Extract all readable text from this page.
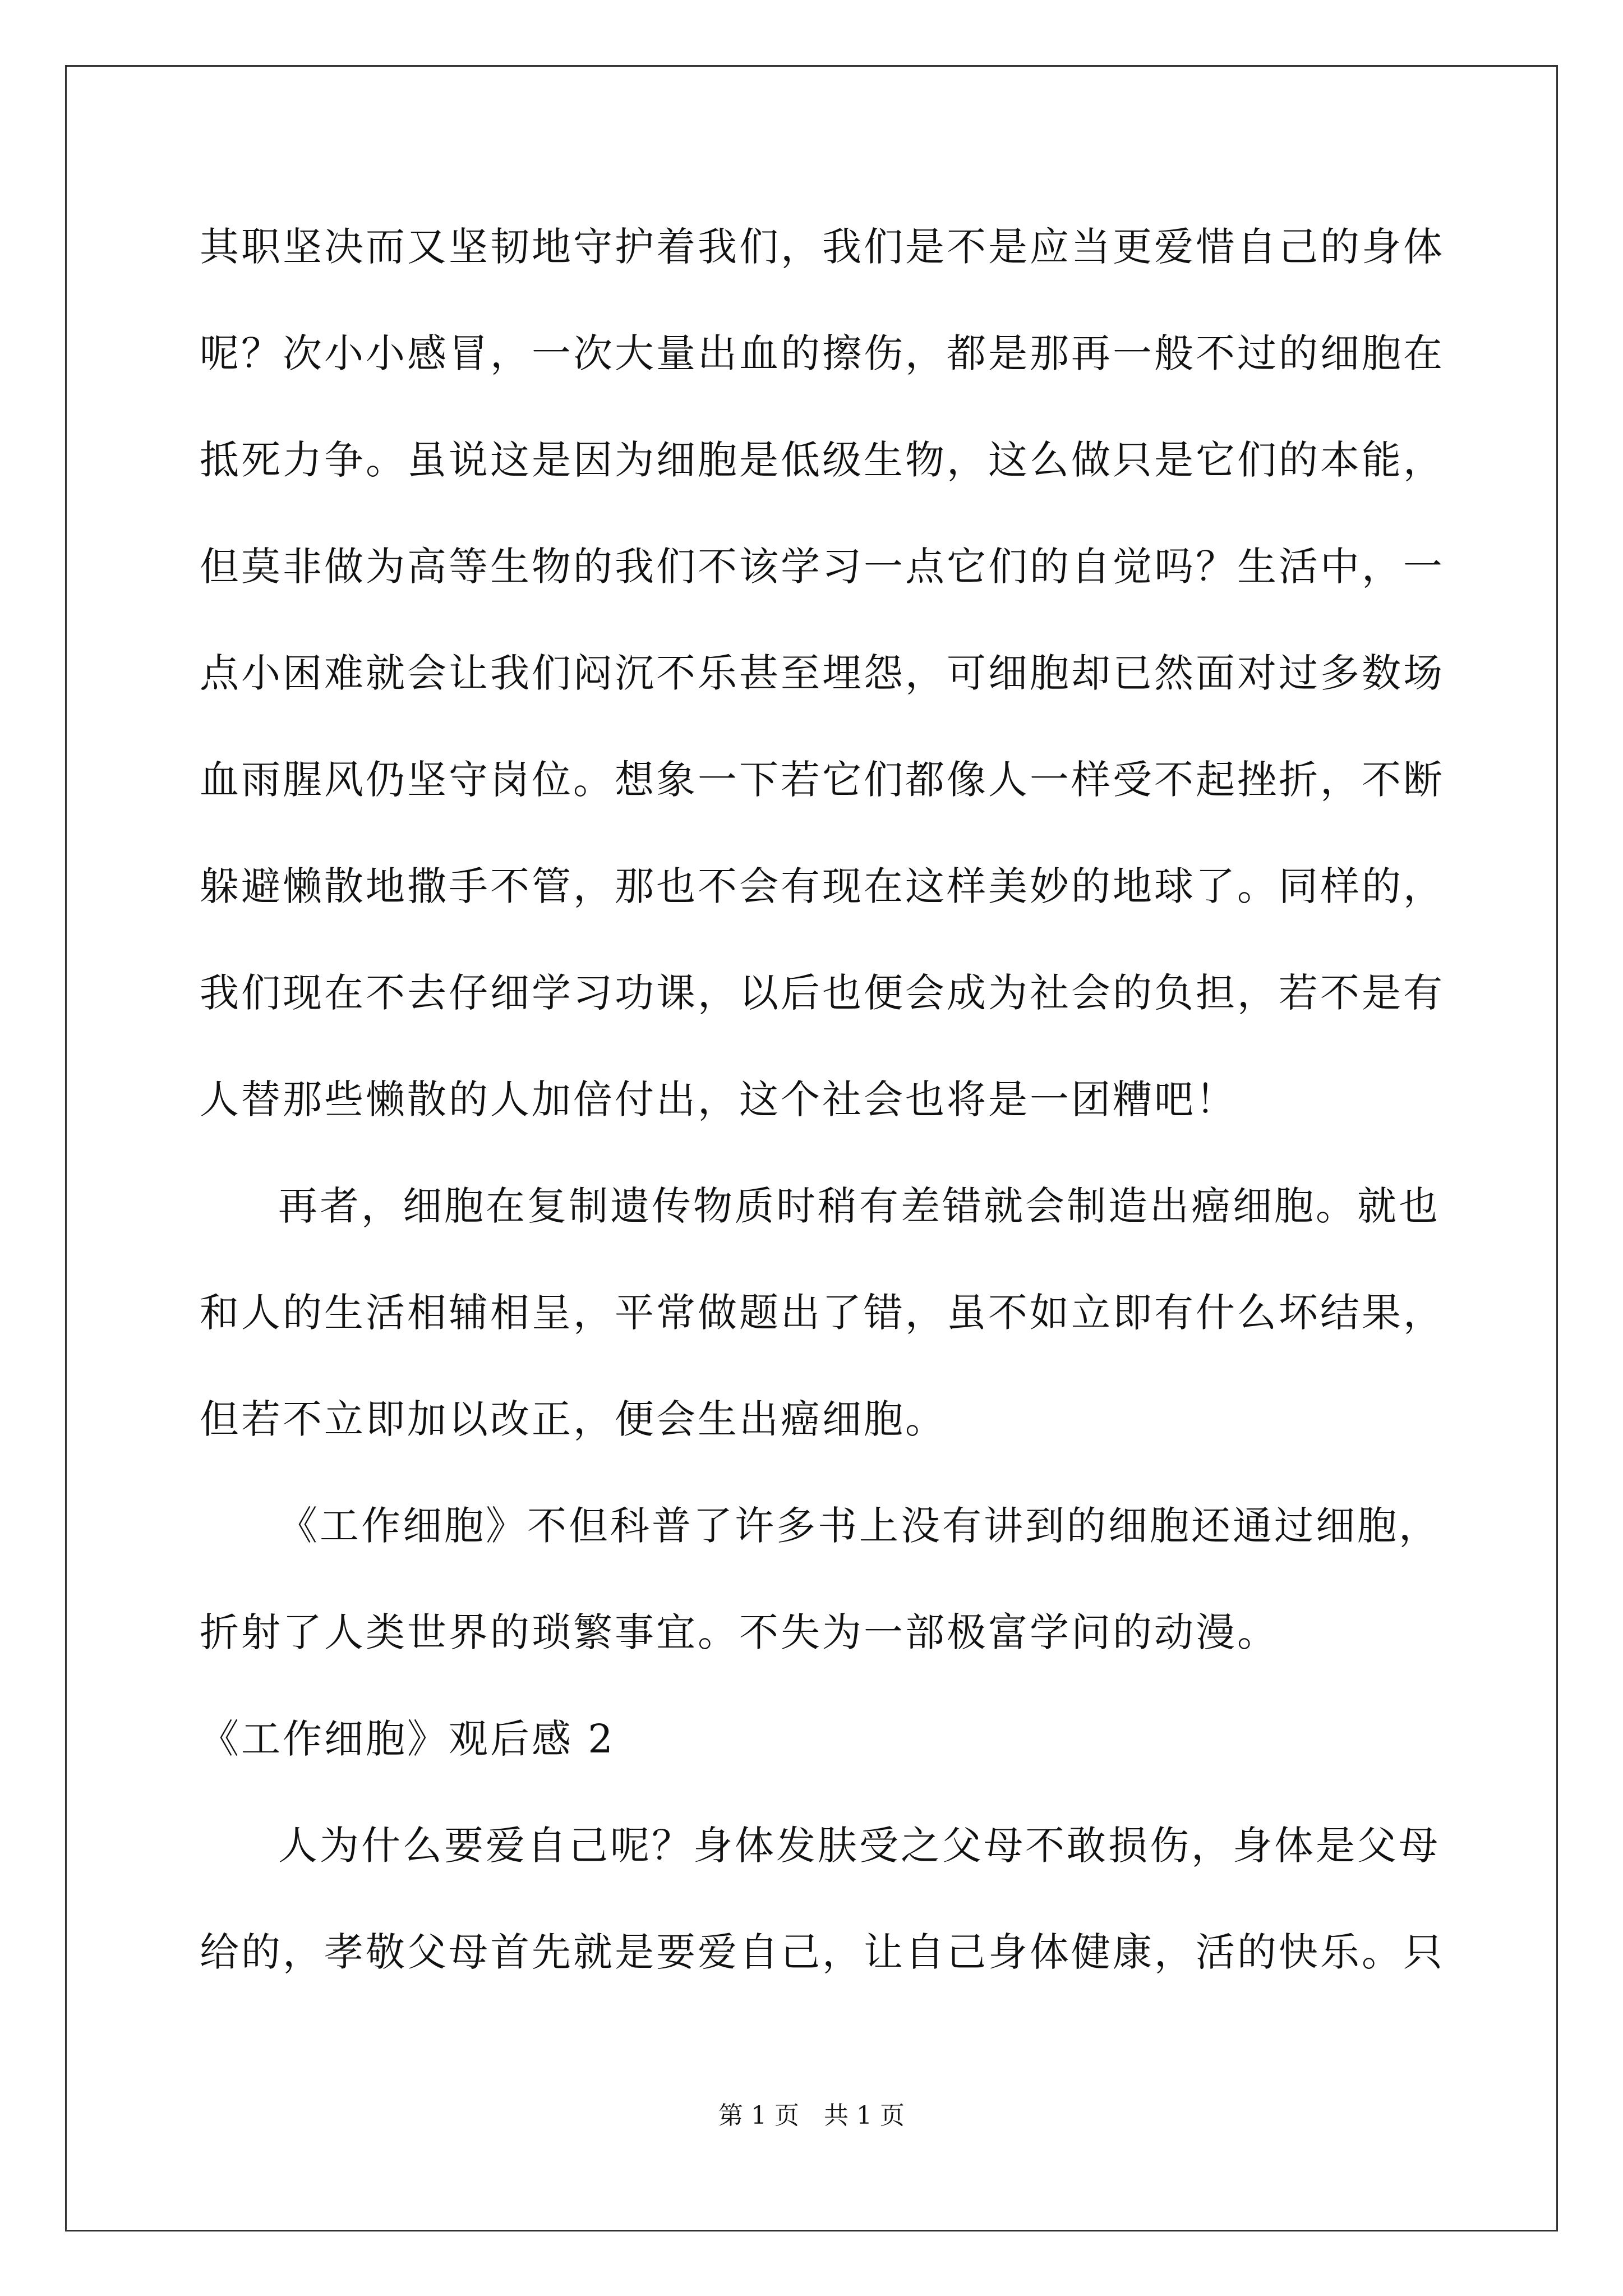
其职坚决而又坚韧地守护着我们，我们是不是应当更爱惜自己的身体
呢？次小小感冒，一次大量出血的擦伤，都是那再一般不过的细胞在
抵死力争。虽说这是因为细胞是低级生物，这么做只是它们的本能，
但莫非做为高等生物的我们不该学习一点它们的自觉吗？生活中，一
点小困难就会让我们闷沉不乐甚至埋怨，可细胞却已然面对过多数场
血雨腥风仍坚守岗位。想象一下若它们都像人一样受不起挫折，不断
躲避懒散地撒手不管，那也不会有现在这样美妙的地球了。同样的，
我们现在不去仔细学习功课，以后也便会成为社会的负担，若不是有
人替那些懒散的人加倍付出，这个社会也将是一团糟吧！
再者，细胞在复制遗传物质时稍有差错就会制造出癌细胞。就也
和人的生活相辅相呈，平常做题出了错，虽不如立即有什么坏结果，
但若不立即加以改正，便会生出癌细胞。
《工作细胞》不但科普了许多书上没有讲到的细胞还通过细胞，
折射了人类世界的琐繁事宜。不失为一部极富学问的动漫。
《工作细胞》观后感 2
人为什么要爱自己呢？身体发肤受之父母不敢损伤，身体是父母
给的，孝敬父母首先就是要爱自己，让自己身体健康，活的快乐。只
第 1 页　共 1 页
